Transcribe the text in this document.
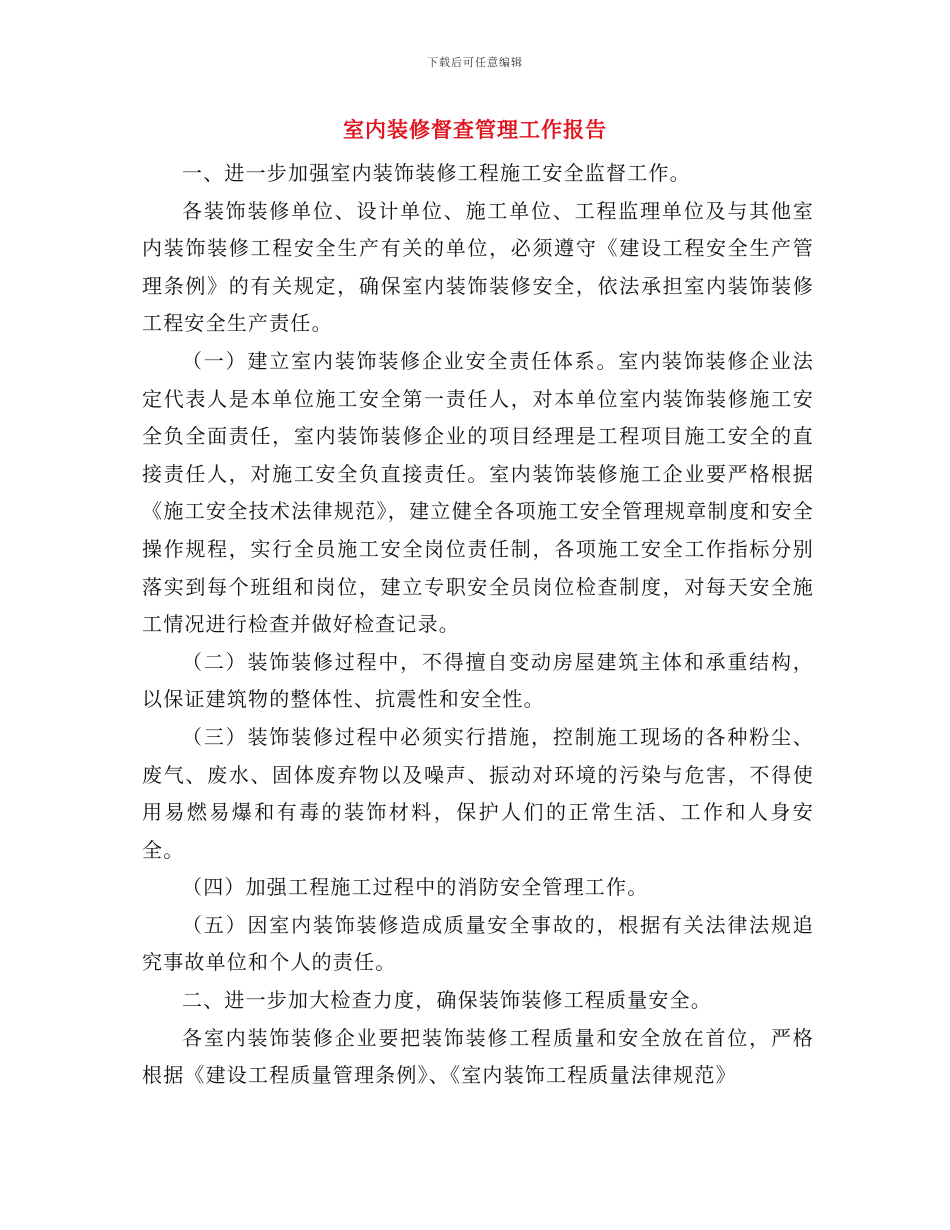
下载后可任意编辑
室内装修督查管理工作报告

一、进一步加强室内装饰装修工程施工安全监督工作。

各装饰装修单位、设计单位、施工单位、工程监理单位及与其他室内装饰装修工程安全生产有关的单位，必须遵守《建设工程安全生产管理条例》的有关规定，确保室内装饰装修安全，依法承担室内装饰装修工程安全生产责任。

（一）建立室内装饰装修企业安全责任体系。室内装饰装修企业法定代表人是本单位施工安全第一责任人，对本单位室内装饰装修施工安全负全面责任，室内装饰装修企业的项目经理是工程项目施工安全的直接责任人，对施工安全负直接责任。室内装饰装修施工企业要严格根据《施工安全技术法律规范》，建立健全各项施工安全管理规章制度和安全操作规程，实行全员施工安全岗位责任制，各项施工安全工作指标分别落实到每个班组和岗位，建立专职安全员岗位检查制度，对每天安全施工情况进行检查并做好检查记录。

（二）装饰装修过程中，不得擅自变动房屋建筑主体和承重结构，以保证建筑物的整体性、抗震性和安全性。

（三）装饰装修过程中必须实行措施，控制施工现场的各种粉尘、废气、废水、固体废弃物以及噪声、振动对环境的污染与危害，不得使用易燃易爆和有毒的装饰材料，保护人们的正常生活、工作和人身安全。

（四）加强工程施工过程中的消防安全管理工作。

（五）因室内装饰装修造成质量安全事故的，根据有关法律法规追究事故单位和个人的责任。

二、进一步加大检查力度，确保装饰装修工程质量安全。

各室内装饰装修企业要把装饰装修工程质量和安全放在首位，严格根据《建设工程质量管理条例》、《室内装饰工程质量法律规范》
